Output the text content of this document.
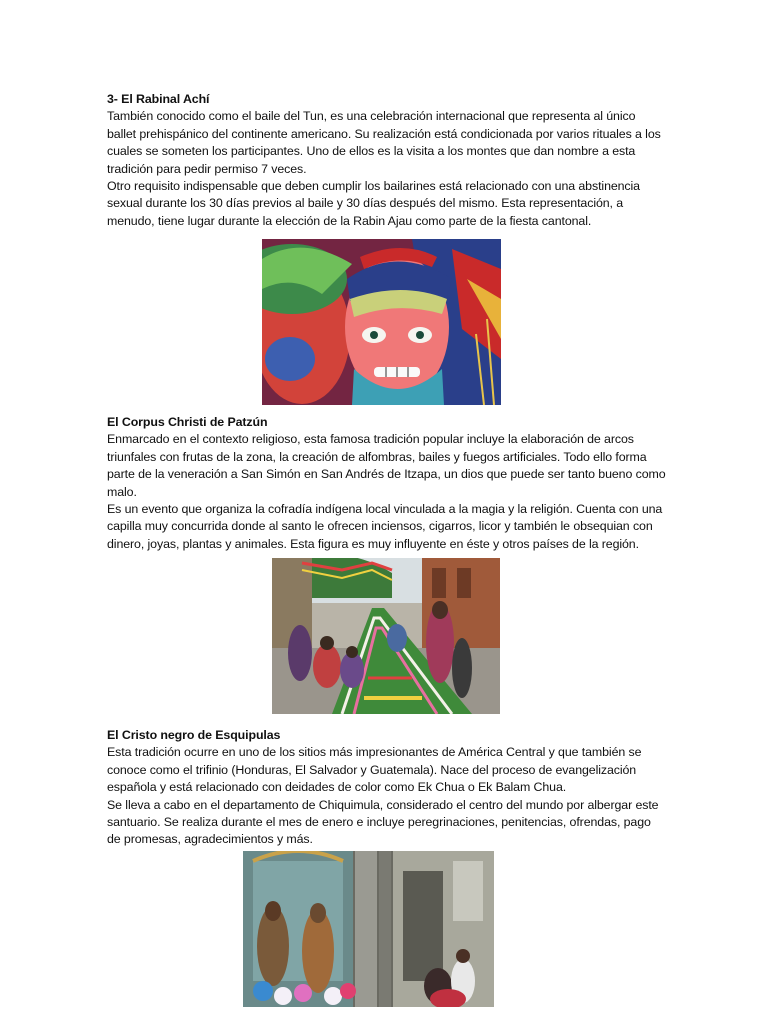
3- El Rabinal Achí

También conocido como el baile del Tun, es una celebración internacional que representa al único ballet prehispánico del continente americano. Su realización está condicionada por varios rituales a los cuales se someten los participantes. Uno de ellos es la visita a los montes que dan nombre a esta tradición para pedir permiso 7 veces.

Otro requisito indispensable que deben cumplir los bailarines está relacionado con una abstinencia sexual durante los 30 días previos al baile y 30 días después del mismo. Esta representación, a menudo, tiene lugar durante la elección de la Rabin Ajau como parte de la fiesta cantonal.

El Corpus Christi de Patzún

Enmarcado en el contexto religioso, esta famosa tradición popular incluye la elaboración de arcos triunfales con frutas de la zona, la creación de alfombras, bailes y fuegos artificiales. Todo ello forma parte de la veneración a San Simón en San Andrés de Itzapa, un dios que puede ser tanto bueno como malo.

Es un evento que organiza la cofradía indígena local vinculada a la magia y la religión. Cuenta con una capilla muy concurrida donde al santo le ofrecen inciensos, cigarros, licor y también le obsequian con dinero, joyas, plantas y animales. Esta figura es muy influyente en éste y otros países de la región.

El Cristo negro de Esquipulas

Esta tradición ocurre en uno de los sitios más impresionantes de América Central y que también se conoce como el trifinio (Honduras, El Salvador y Guatemala). Nace del proceso de evangelización española y está relacionado con deidades de color como Ek Chua o Ek Balam Chua.

Se lleva a cabo en el departamento de Chiquimula, considerado el centro del mundo por albergar este santuario. Se realiza durante el mes de enero e incluye peregrinaciones, penitencias, ofrendas, pago de promesas, agradecimientos y más.
